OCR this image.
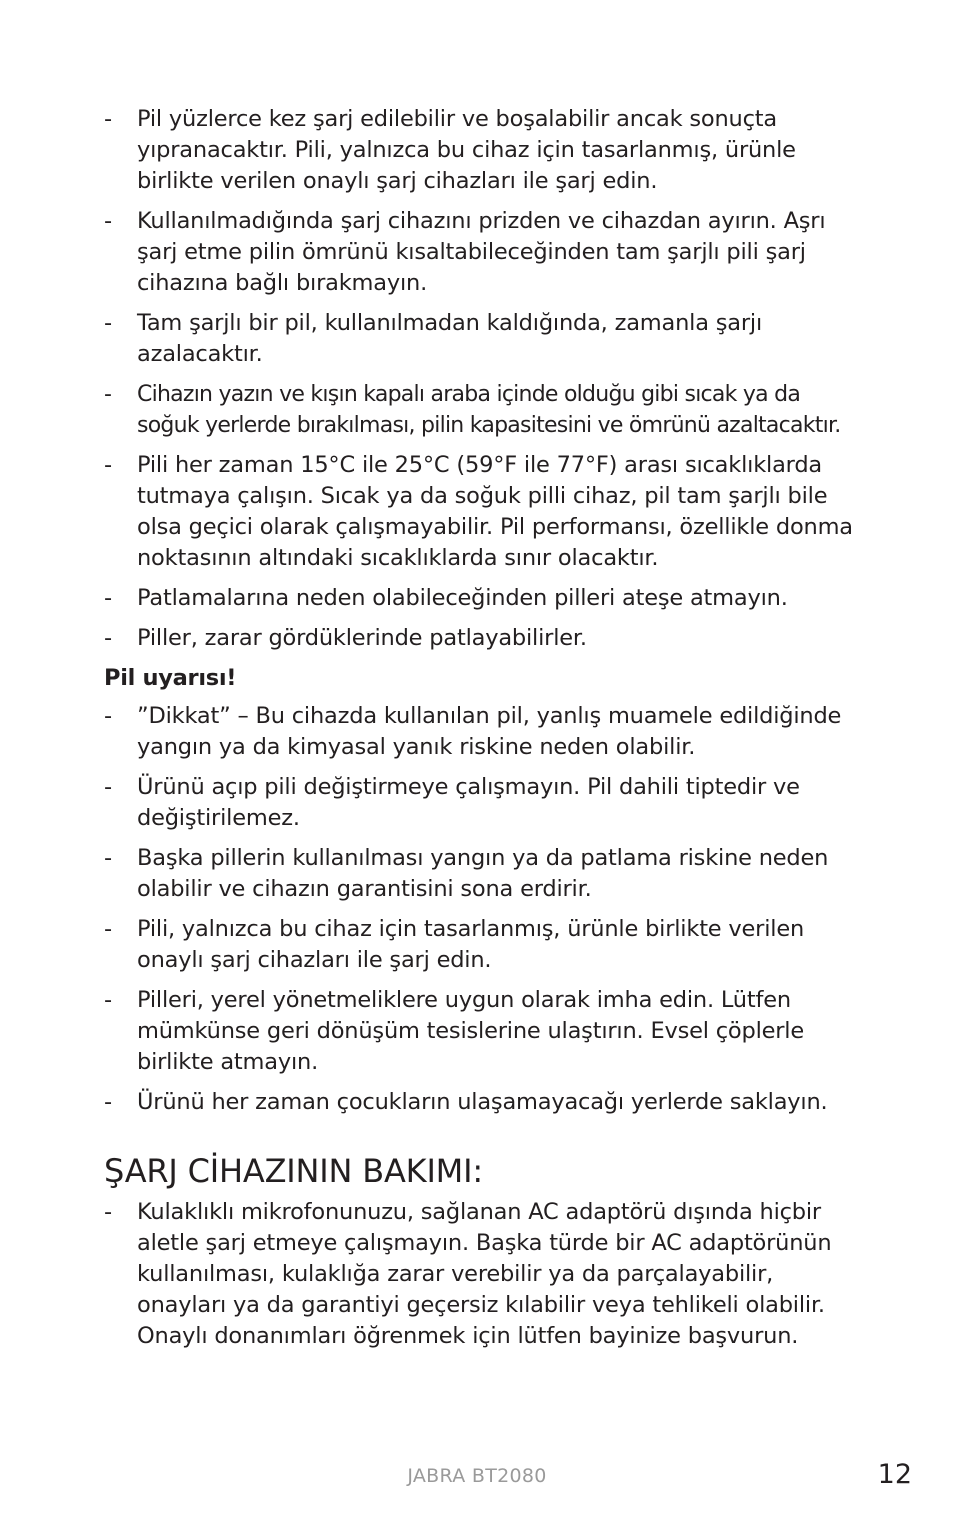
- Pil yüzlerce kez şarj edilebilir ve boşalabilir ancak sonuçta yıpranacaktır. Pili, yalnızca bu cihaz için tasarlanmış, ürünle birlikte verilen onaylı şarj cihazları ile şarj edin.
- Kullanılmadığında şarj cihazını prizden ve cihazdan ayırın. Aşrı şarj etme pilin ömrünü kısaltabileceğinden tam şarjlı pili şarj cihazına bağlı bırakmayın.
- Tam şarjlı bir pil, kullanılmadan kaldığında, zamanla şarjı azalacaktır.
- Cihazın yazın ve kışın kapalı araba içinde olduğu gibi sıcak ya da soğuk yerlerde bırakılması, pilin kapasitesini ve ömrünü azaltacaktır.
- Pili her zaman 15°C ile 25°C (59°F ile 77°F) arası sıcaklıklarda tutmaya çalışın. Sıcak ya da soğuk pilli cihaz, pil tam şarjlı bile olsa geçici olarak çalışmayabilir. Pil performansı, özellikle donma noktasının altındaki sıcaklıklarda sınır olacaktır.
- Patlamalarına neden olabileceğinden pilleri ateşe atmayın.
- Piller, zarar gördüklerinde patlayabilirler.
Pil uyarısı!
- ”Dikkat” – Bu cihazda kullanılan pil, yanlış muamele edildiğinde yangın ya da kimyasal yanık riskine neden olabilir.
- Ürünü açıp pili değiştirmeye çalışmayın. Pil dahili tiptedir ve değiştirilemez.
- Başka pillerin kullanılması yangın ya da patlama riskine neden olabilir ve cihazın garantisini sona erdirir.
- Pili, yalnızca bu cihaz için tasarlanmış, ürünle birlikte verilen onaylı şarj cihazları ile şarj edin.
- Pilleri, yerel yönetmeliklere uygun olarak imha edin. Lütfen mümkünse geri dönüşüm tesislerine ulaştırın. Evsel çöplerle birlikte atmayın.
- Ürünü her zaman çocukların ulaşamayacağı yerlerde saklayın.
ŞARJ CİHAZININ BAKIMI:
- Kulaklıklı mikrofonunuzu, sağlanan AC adaptörü dışında hiçbir aletle şarj etmeye çalışmayın. Başka türde bir AC adaptörünün kullanılması, kulaklığa zarar verebilir ya da parçalayabilir, onayları ya da garantiyi geçersiz kılabilir veya tehlikeli olabilir. Onaylı donanımları öğrenmek için lütfen bayinize başvurun.
JABRA BT2080	12
